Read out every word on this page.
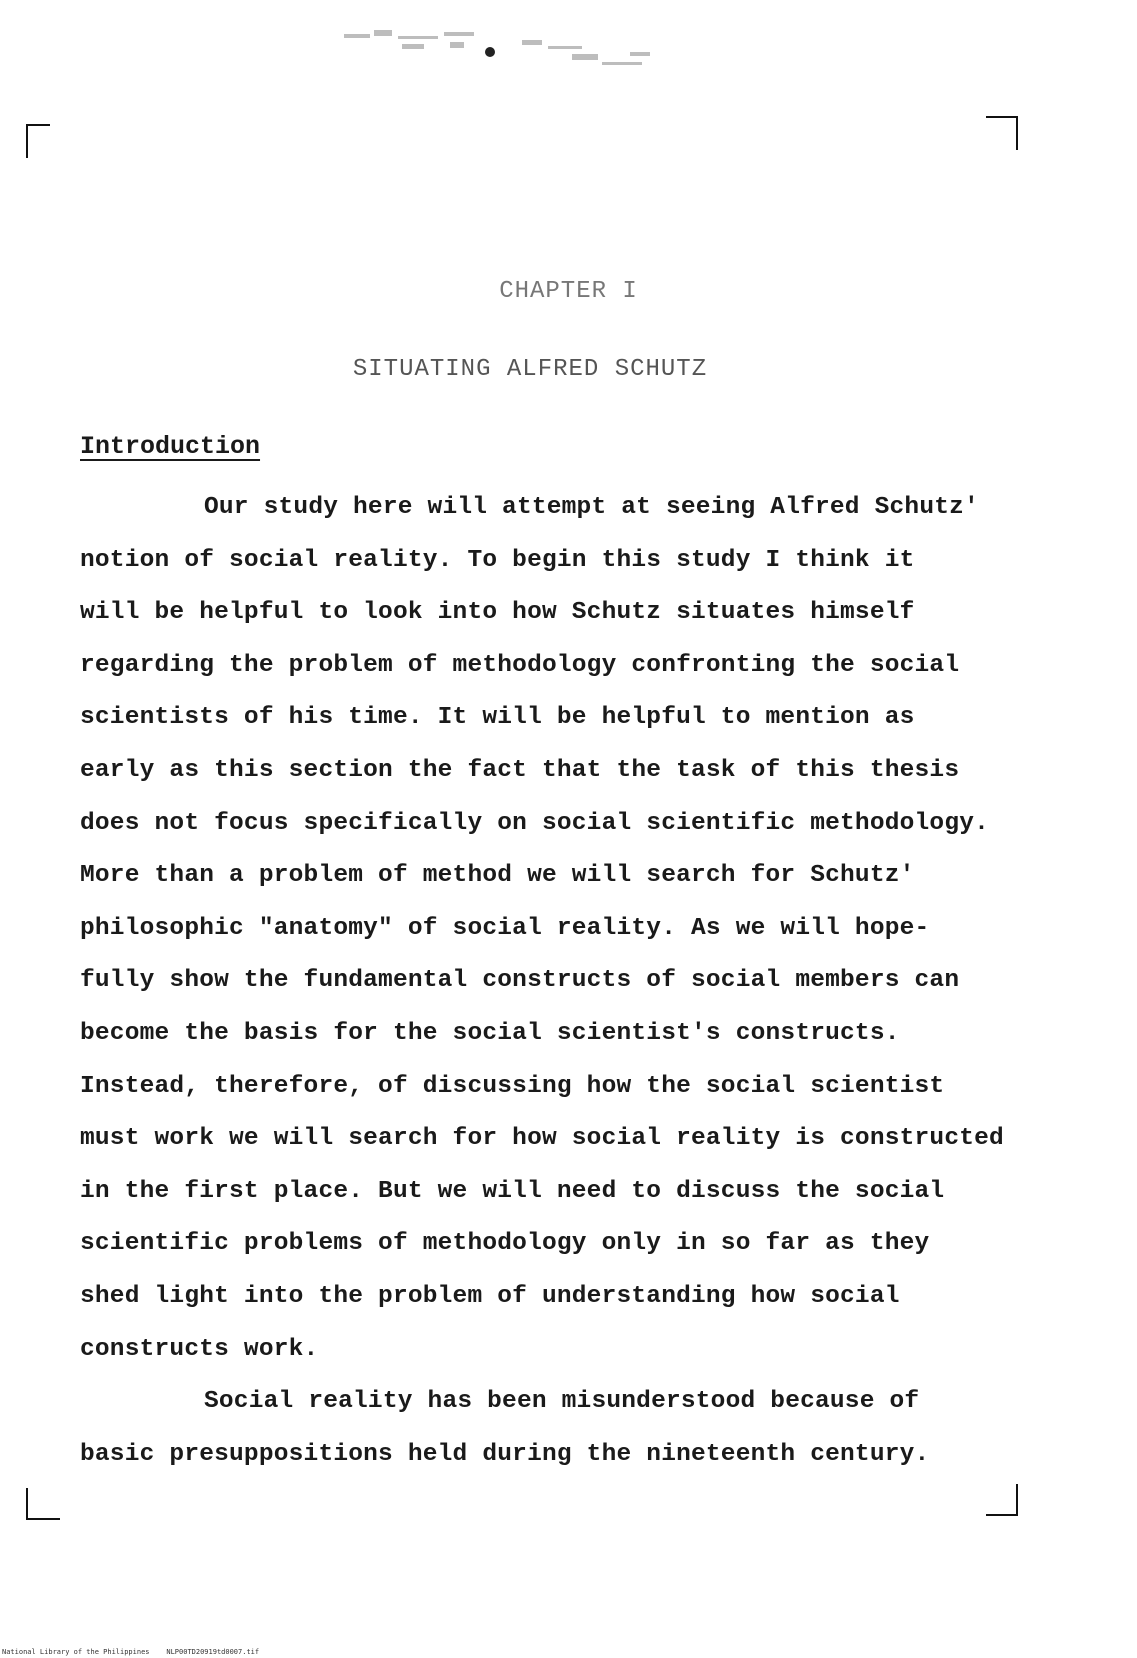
CHAPTER I
SITUATING ALFRED SCHUTZ
Introduction
Our study here will attempt at seeing Alfred Schutz'
notion of social reality. To begin this study I think it
will be helpful to look into how Schutz situates himself
regarding the problem of methodology confronting the social
scientists of his time. It will be helpful to mention as
early as this section the fact that the task of this thesis
does not focus specifically on social scientific methodology.
More than a problem of method we will search for Schutz'
philosophic "anatomy" of social reality. As we will hope-
fully show the fundamental constructs of social members can
become the basis for the social scientist's constructs.
Instead, therefore, of discussing how the social scientist
must work we will search for how social reality is constructed
in the first place. But we will need to discuss the social
scientific problems of methodology only in so far as they
shed light into the problem of understanding how social
constructs work.
Social reality has been misunderstood because of
basic presuppositions held during the nineteenth century.
National Library of the Philippines NLP00TD20919td0007.tif
